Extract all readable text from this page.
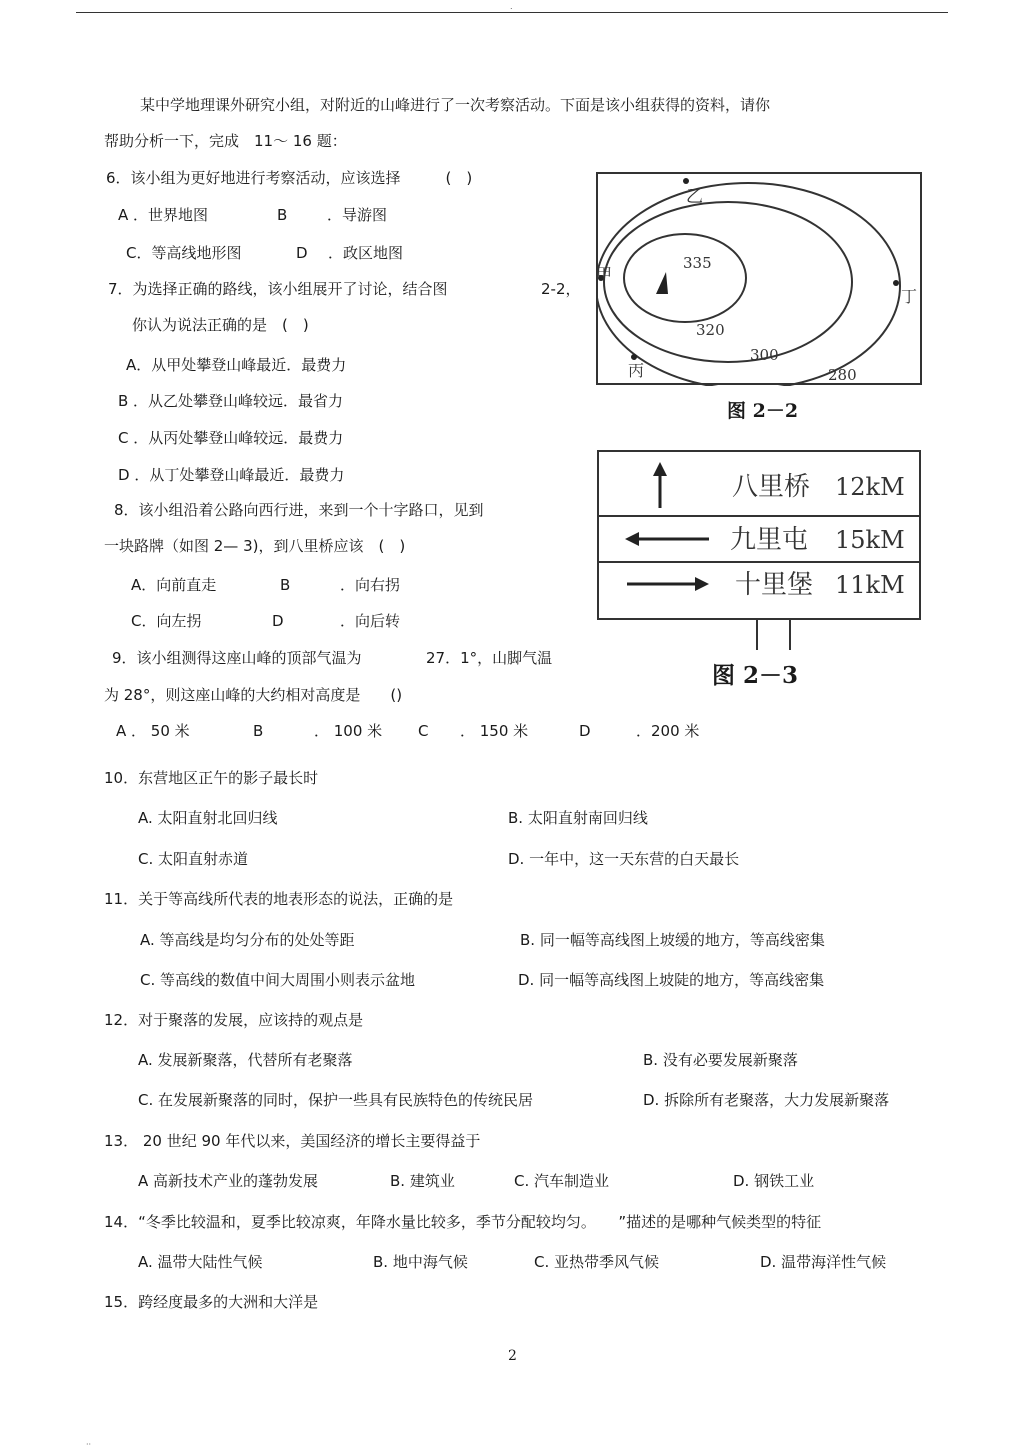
.
某中学地理课外研究小组，对附近的山峰进行了一次考察活动。下面是该小组获得的资料，请你
帮助分析一下，完成　11～ 16 题：
6．该小组为更好地进行考察活动，应该选择　　　(　)
A ．世界地图	B	．导游图
C．等高线地形图	D ．政区地图
7．为选择正确的路线，该小组展开了讨论，结合图	2-2，
你认为说法正确的是　(　)
A．从甲处攀登山峰最近．最费力
B ．从乙处攀登山峰较远．最省力
C ．从丙处攀登山峰较远．最费力
D ．从丁处攀登山峰最近．最费力
8．该小组沿着公路向西行进，来到一个十字路口，见到
一块路牌（如图 2— 3)，到八里桥应该　(　)
A．向前直走	B	．向右拐
C．向左拐	D	．向后转
9．该小组测得这座山峰的顶部气温为	27．1°，山脚气温
为 28°，则这座山峰的大约相对高度是　　()
A ． 50 米	B	． 100 米 C ． 150 米	D	．200 米
335
320
300
280
乙
甲
丁
丙
图 2－2
八里桥 12kM
九里屯 15kM
十里堡 11kM
图 2－3
10．东营地区正午的影子最长时
A. 太阳直射北回归线	B. 太阳直射南回归线
C. 太阳直射赤道	D. 一年中，这一天东营的白天最长
11．关于等高线所代表的地表形态的说法，正确的是
A. 等高线是均匀分布的处处等距	B. 同一幅等高线图上坡缓的地方，等高线密集
C. 等高线的数值中间大周围小则表示盆地	D. 同一幅等高线图上坡陡的地方，等高线密集
12．对于聚落的发展，应该持的观点是
A. 发展新聚落，代替所有老聚落	B. 没有必要发展新聚落
C. 在发展新聚落的同时，保护一些具有民族特色的传统民居	D. 拆除所有老聚落，大力发展新聚落
13． 20 世纪 90 年代以来，美国经济的增长主要得益于
A 高新技术产业的蓬勃发展	B. 建筑业	C. 汽车制造业	D. 钢铁工业
14．“冬季比较温和，夏季比较凉爽，年降水量比较多，季节分配较均匀。　　”描述的是哪种气候类型的特征
A. 温带大陆性气候	B. 地中海气候	C. 亚热带季风气候	D. 温带海洋性气候
15．跨经度最多的大洲和大洋是
2
··
